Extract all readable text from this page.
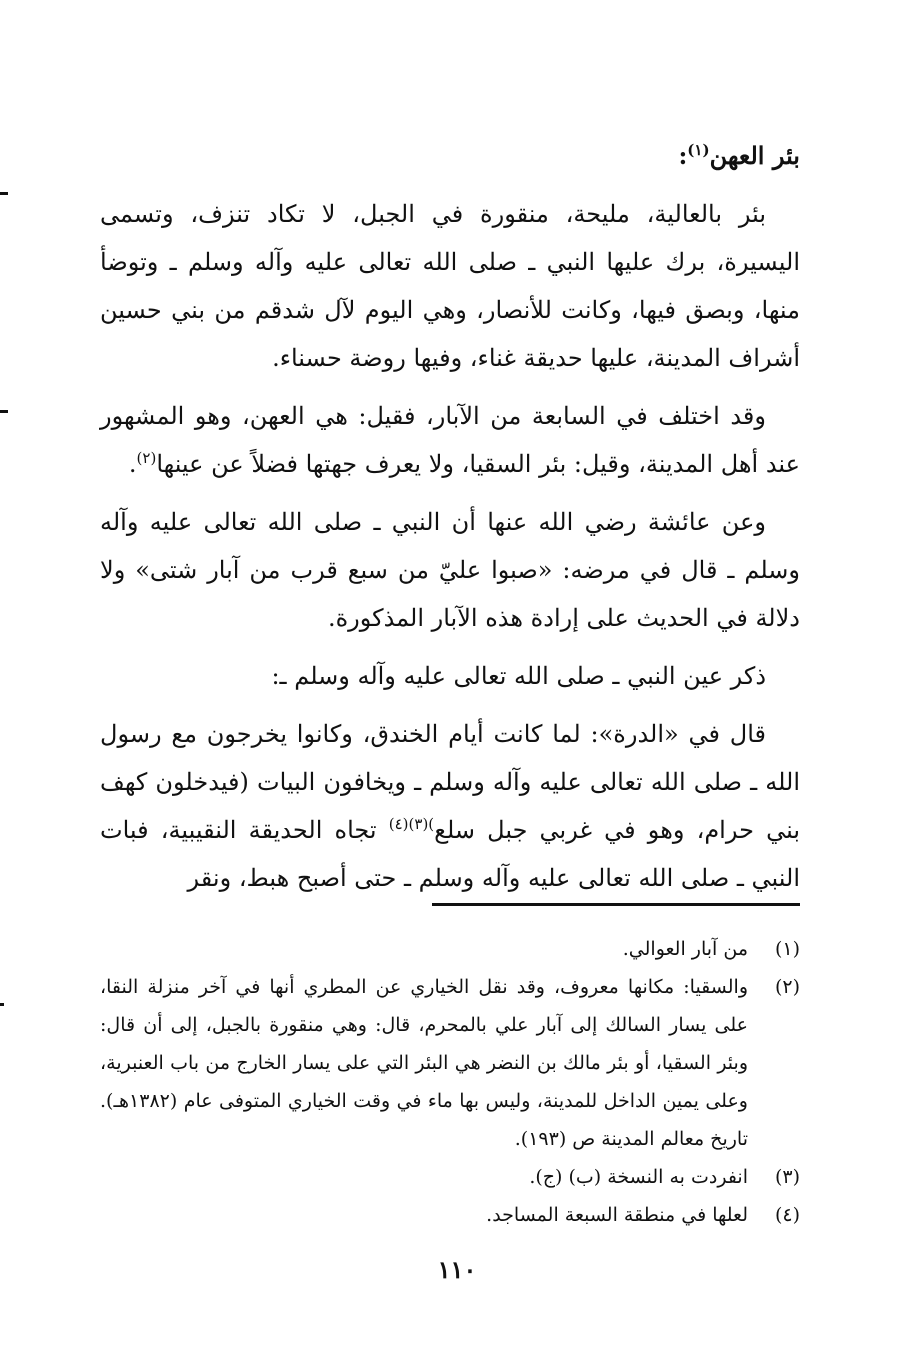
بئر العهن$^{(١)}$:

بئر بالعالية، مليحة، منقورة في الجبل، لا تكاد تنزف، وتسمى اليسيرة، برك عليها النبي ـ صلى الله تعالى عليه وآله وسلم ـ وتوضأ منها، وبصق فيها، وكانت للأنصار، وهي اليوم لآل شدقم من بني حسين أشراف المدينة، عليها حديقة غناء، وفيها روضة حسناء.

وقد اختلف في السابعة من الآبار، فقيل: هي العهن، وهو المشهور عند أهل المدينة، وقيل: بئر السقيا، ولا يعرف جهتها فضلاً عن عينها$^{(٢)}$.

وعن عائشة رضي الله عنها أن النبي ـ صلى الله تعالى عليه وآله وسلم ـ قال في مرضه: «صبوا عليّ من سبع قرب من آبار شتى» ولا دلالة في الحديث على إرادة هذه الآبار المذكورة.

ذكر عين النبي ـ صلى الله تعالى عليه وآله وسلم ـ:

قال في «الدرة»: لما كانت أيام الخندق، وكانوا يخرجون مع رسول الله ـ صلى الله تعالى عليه وآله وسلم ـ ويخافون البيات (فيدخلون كهف بني حرام، وهو في غربي جبل سلع$^{)(٣)(٤)}$ تجاه الحديقة النقيبية، فبات النبي ـ صلى الله تعالى عليه وآله وسلم ـ حتى أصبح هبط، ونقر

(١)
من آبار العوالي.
(٢)
والسقيا: مكانها معروف، وقد نقل الخياري عن المطري أنها في آخر منزلة النقا، على يسار السالك إلى آبار علي بالمحرم، قال: وهي منقورة بالجبل، إلى أن قال: وبئر السقيا، أو بئر مالك بن النضر هي البئر التي على يسار الخارج من باب العنبرية، وعلى يمين الداخل للمدينة، وليس بها ماء في وقت الخياري المتوفى عام (١٣٨٢هـ). تاريخ معالم المدينة ص (١٩٣).
(٣)
انفردت به النسخة (ب) (ج).
(٤)
لعلها في منطقة السبعة المساجد.
١١٠
